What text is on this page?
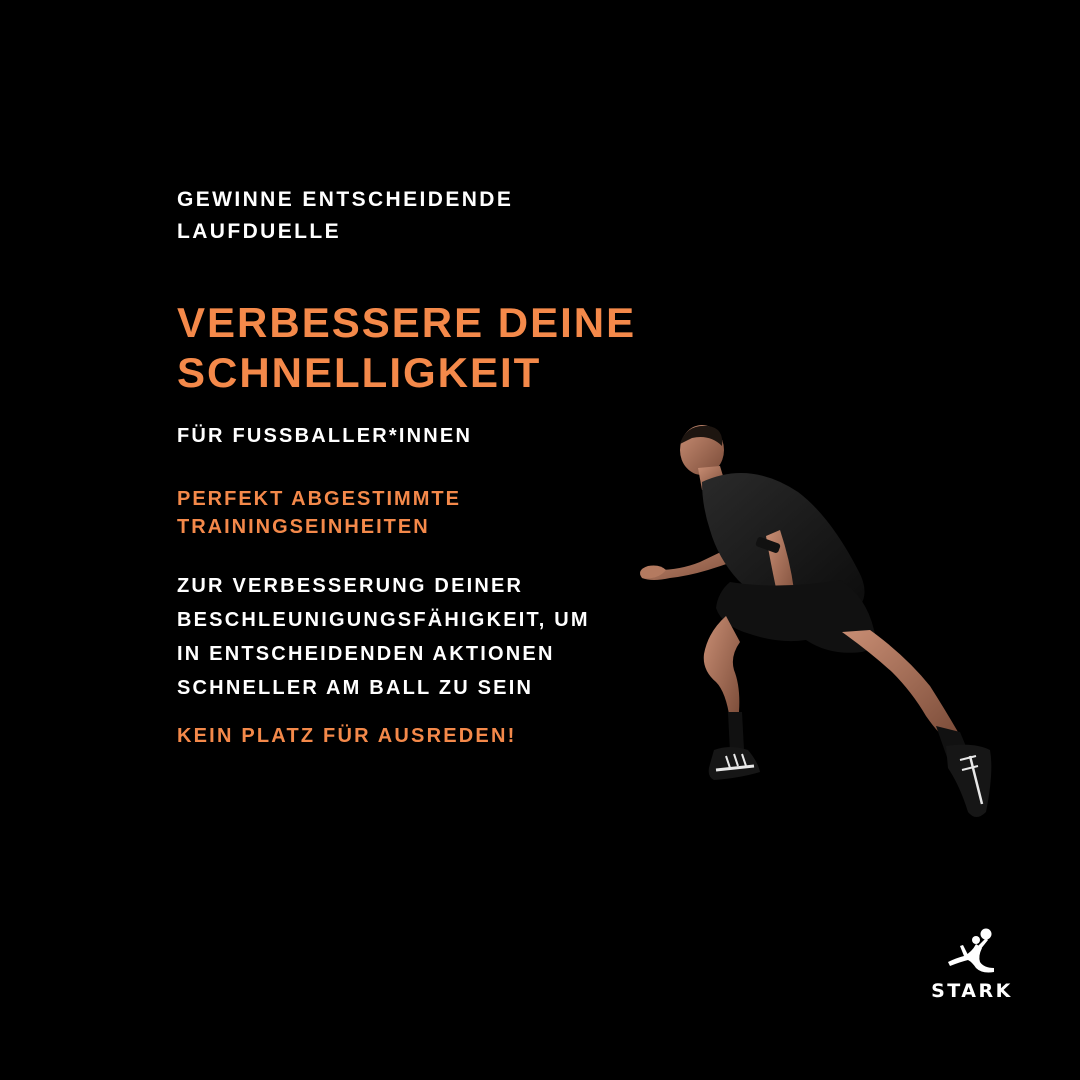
GEWINNE ENTSCHEIDENDE
LAUFDUELLE

VERBESSERE DEINE
SCHNELLIGKEIT

FÜR FUSSBALLER*INNEN

PERFEKT ABGESTIMMTE
TRAININGSEINHEITEN

ZUR VERBESSERUNG DEINER
BESCHLEUNIGUNGSFÄHIGKEIT, UM
IN ENTSCHEIDENDEN AKTIONEN
SCHNELLER AM BALL ZU SEIN

KEIN PLATZ FÜR AUSREDEN!

STARK
